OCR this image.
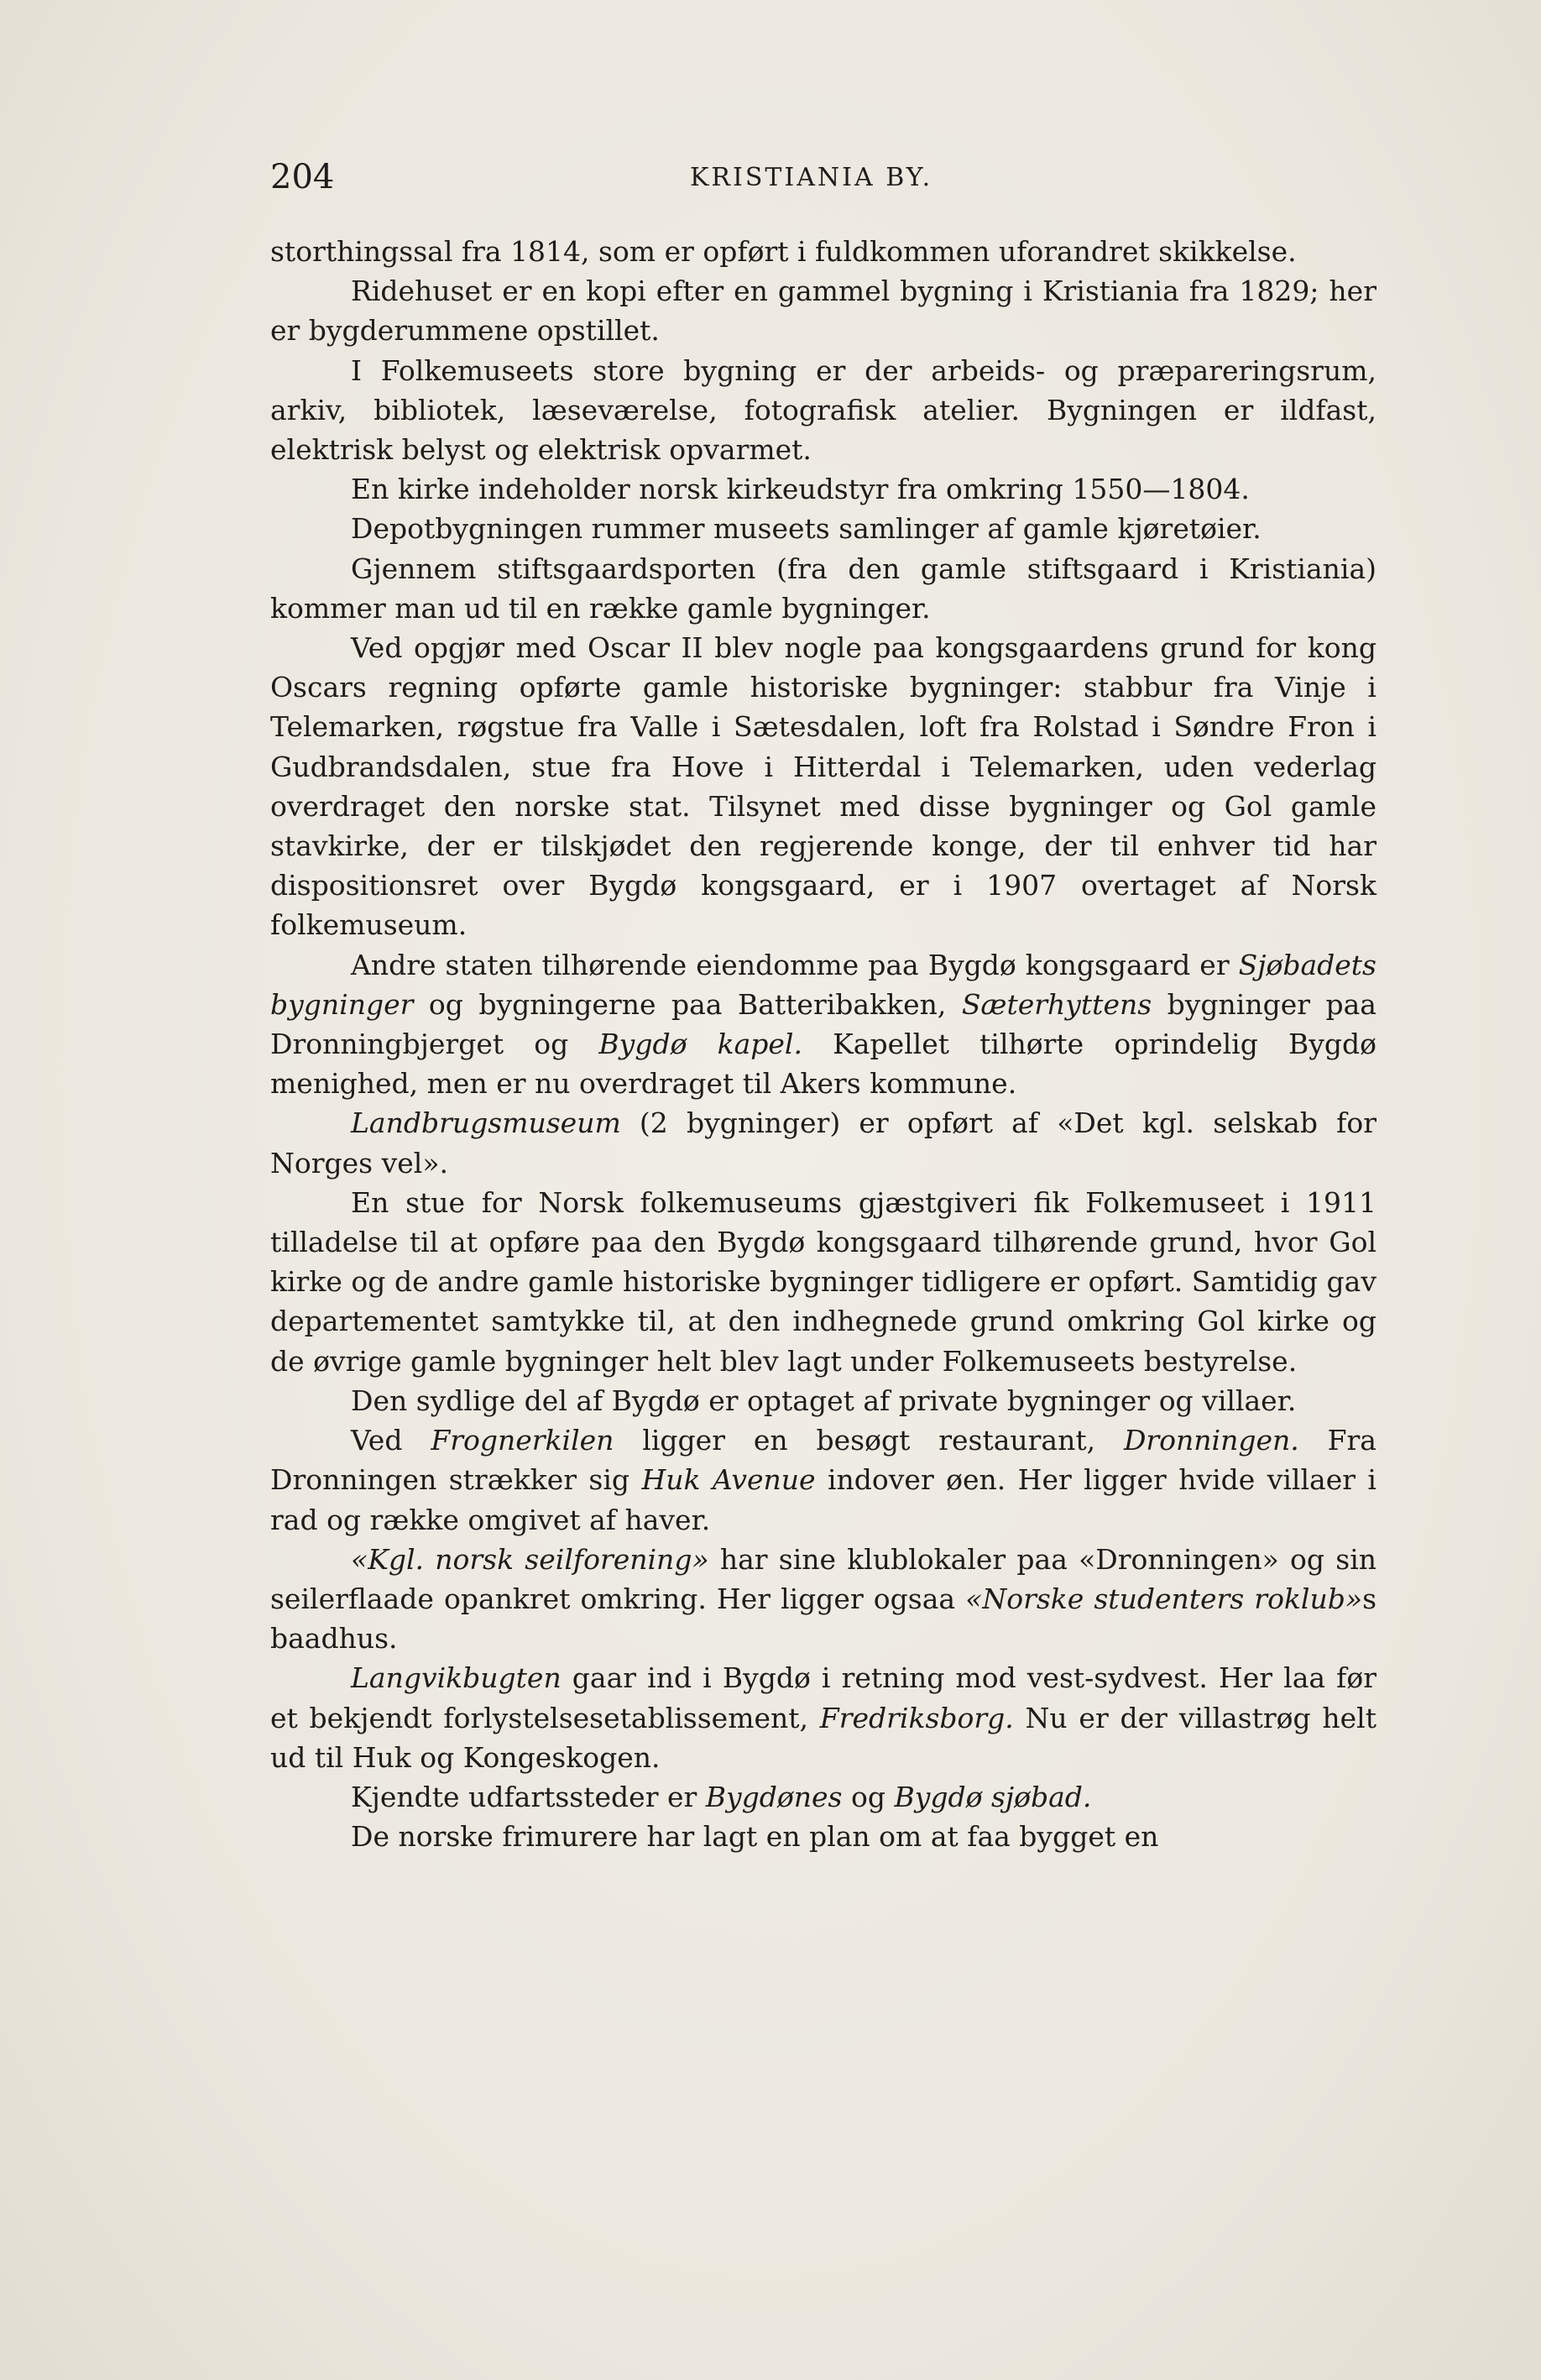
204	KRISTIANIA BY.

storthingssal fra 1814, som er opført i fuldkommen uforandret skikkelse.

Ridehuset er en kopi efter en gammel bygning i Kristiania fra 1829; her er bygderummene opstillet.

I Folkemuseets store bygning er der arbeids- og præpareringsrum, arkiv, bibliotek, læseværelse, fotografisk atelier. Bygningen er ildfast, elektrisk belyst og elektrisk opvarmet.

En kirke indeholder norsk kirkeudstyr fra omkring 1550—1804.

Depotbygningen rummer museets samlinger af gamle kjøretøier.

Gjennem stiftsgaardsporten (fra den gamle stiftsgaard i Kristiania) kommer man ud til en række gamle bygninger.

Ved opgjør med Oscar II blev nogle paa kongsgaardens grund for kong Oscars regning opførte gamle historiske bygninger: stabbur fra Vinje i Telemarken, røgstue fra Valle i Sætesdalen, loft fra Rolstad i Søndre Fron i Gudbrandsdalen, stue fra Hove i Hitterdal i Telemarken, uden vederlag overdraget den norske stat. Tilsynet med disse bygninger og Gol gamle stavkirke, der er tilskjødet den regjerende konge, der til enhver tid har dispositionsret over Bygdø kongsgaard, er i 1907 overtaget af Norsk folkemuseum.

Andre staten tilhørende eiendomme paa Bygdø kongsgaard er Sjøbadets bygninger og bygningerne paa Batteribakken, Sæterhyttens bygninger paa Dronningbjerget og Bygdø kapel. Kapellet tilhørte oprindelig Bygdø menighed, men er nu overdraget til Akers kommune.

Landbrugsmuseum (2 bygninger) er opført af «Det kgl. selskab for Norges vel».

En stue for Norsk folkemuseums gjæstgiveri fik Folkemuseet i 1911 tilladelse til at opføre paa den Bygdø kongsgaard tilhørende grund, hvor Gol kirke og de andre gamle historiske bygninger tidligere er opført. Samtidig gav departementet samtykke til, at den indhegnede grund omkring Gol kirke og de øvrige gamle bygninger helt blev lagt under Folkemuseets bestyrelse.

Den sydlige del af Bygdø er optaget af private bygninger og villaer.

Ved Frognerkilen ligger en besøgt restaurant, Dronningen. Fra Dronningen strækker sig Huk Avenue indover øen. Her ligger hvide villaer i rad og række omgivet af haver.

«Kgl. norsk seilforening» har sine klublokaler paa «Dronningen» og sin seilerflaade opankret omkring. Her ligger ogsaa «Norske studenters roklub»s baadhus.

Langvikbugten gaar ind i Bygdø i retning mod vest-sydvest. Her laa før et bekjendt forlystelsesetablissement, Fredriksborg. Nu er der villastrøg helt ud til Huk og Kongeskogen.

Kjendte udfartssteder er Bygdønes og Bygdø sjøbad.

De norske frimurere har lagt en plan om at faa bygget en
